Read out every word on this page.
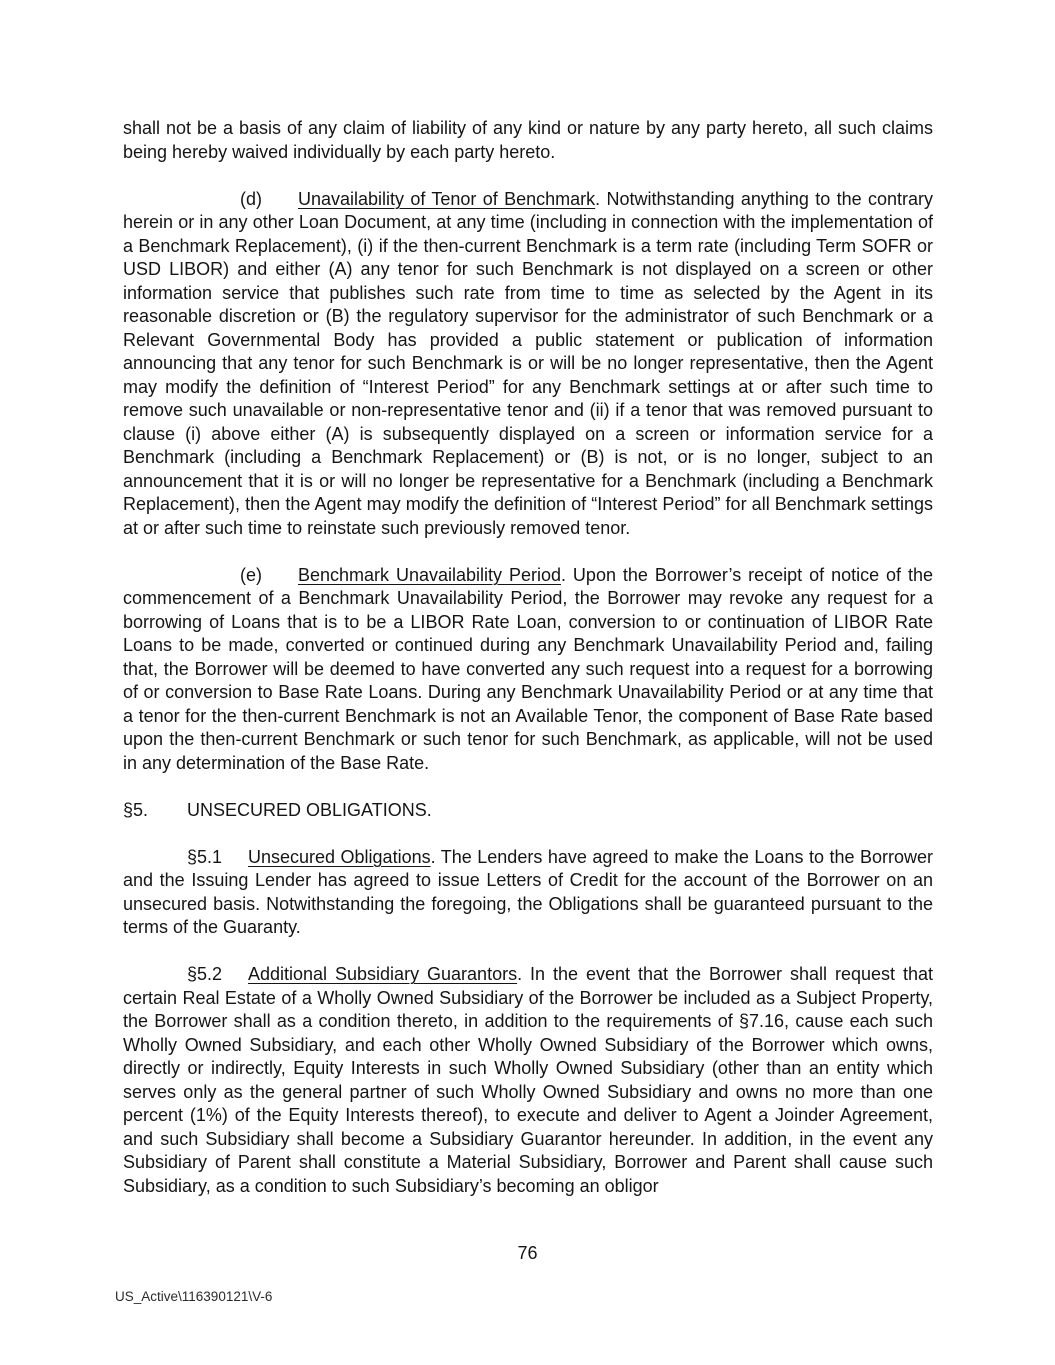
shall not be a basis of any claim of liability of any kind or nature by any party hereto, all such claims being hereby waived individually by each party hereto.

(d) Unavailability of Tenor of Benchmark. Notwithstanding anything to the contrary herein or in any other Loan Document, at any time (including in connection with the implementation of a Benchmark Replacement), (i) if the then-current Benchmark is a term rate (including Term SOFR or USD LIBOR) and either (A) any tenor for such Benchmark is not displayed on a screen or other information service that publishes such rate from time to time as selected by the Agent in its reasonable discretion or (B) the regulatory supervisor for the administrator of such Benchmark or a Relevant Governmental Body has provided a public statement or publication of information announcing that any tenor for such Benchmark is or will be no longer representative, then the Agent may modify the definition of “Interest Period” for any Benchmark settings at or after such time to remove such unavailable or non-representative tenor and (ii) if a tenor that was removed pursuant to clause (i) above either (A) is subsequently displayed on a screen or information service for a Benchmark (including a Benchmark Replacement) or (B) is not, or is no longer, subject to an announcement that it is or will no longer be representative for a Benchmark (including a Benchmark Replacement), then the Agent may modify the definition of “Interest Period” for all Benchmark settings at or after such time to reinstate such previously removed tenor.

(e) Benchmark Unavailability Period. Upon the Borrower’s receipt of notice of the commencement of a Benchmark Unavailability Period, the Borrower may revoke any request for a borrowing of Loans that is to be a LIBOR Rate Loan, conversion to or continuation of LIBOR Rate Loans to be made, converted or continued during any Benchmark Unavailability Period and, failing that, the Borrower will be deemed to have converted any such request into a request for a borrowing of or conversion to Base Rate Loans. During any Benchmark Unavailability Period or at any time that a tenor for the then-current Benchmark is not an Available Tenor, the component of Base Rate based upon the then-current Benchmark or such tenor for such Benchmark, as applicable, will not be used in any determination of the Base Rate.

§5. UNSECURED OBLIGATIONS.

§5.1 Unsecured Obligations. The Lenders have agreed to make the Loans to the Borrower and the Issuing Lender has agreed to issue Letters of Credit for the account of the Borrower on an unsecured basis. Notwithstanding the foregoing, the Obligations shall be guaranteed pursuant to the terms of the Guaranty.

§5.2 Additional Subsidiary Guarantors. In the event that the Borrower shall request that certain Real Estate of a Wholly Owned Subsidiary of the Borrower be included as a Subject Property, the Borrower shall as a condition thereto, in addition to the requirements of §7.16, cause each such Wholly Owned Subsidiary, and each other Wholly Owned Subsidiary of the Borrower which owns, directly or indirectly, Equity Interests in such Wholly Owned Subsidiary (other than an entity which serves only as the general partner of such Wholly Owned Subsidiary and owns no more than one percent (1%) of the Equity Interests thereof), to execute and deliver to Agent a Joinder Agreement, and such Subsidiary shall become a Subsidiary Guarantor hereunder. In addition, in the event any Subsidiary of Parent shall constitute a Material Subsidiary, Borrower and Parent shall cause such Subsidiary, as a condition to such Subsidiary’s becoming an obligor

76
US_Active\116390121\V-6
